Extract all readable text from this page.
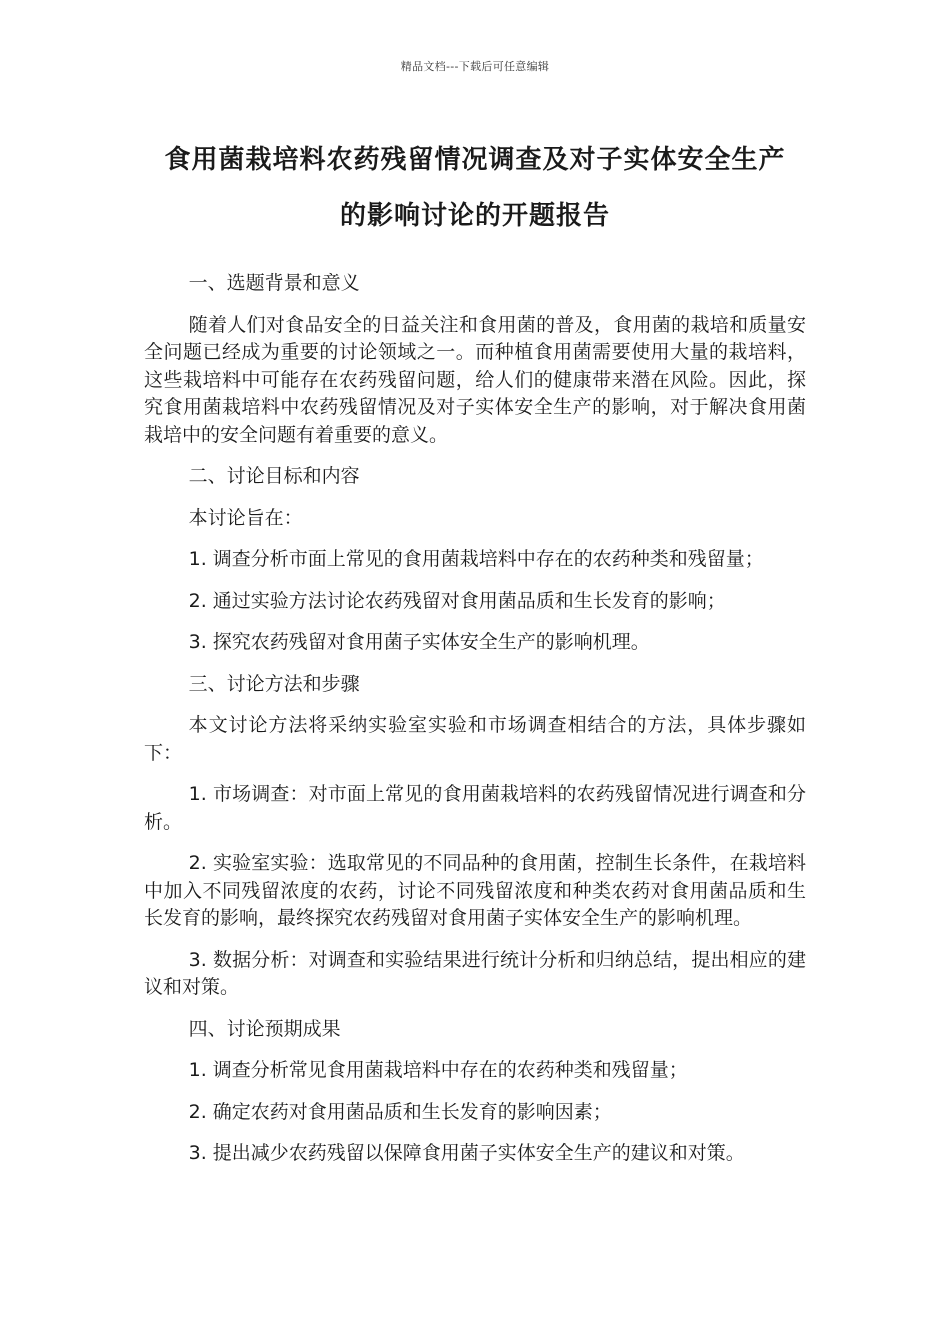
精品文档---下载后可任意编辑
食用菌栽培料农药残留情况调查及对子实体安全生产
的影响讨论的开题报告

一、选题背景和意义

随着人们对食品安全的日益关注和食用菌的普及，食用菌的栽培和质量安全问题已经成为重要的讨论领域之一。而种植食用菌需要使用大量的栽培料，这些栽培料中可能存在农药残留问题，给人们的健康带来潜在风险。因此，探究食用菌栽培料中农药残留情况及对子实体安全生产的影响，对于解决食用菌栽培中的安全问题有着重要的意义。

二、讨论目标和内容

本讨论旨在：

1. 调查分析市面上常见的食用菌栽培料中存在的农药种类和残留量；

2. 通过实验方法讨论农药残留对食用菌品质和生长发育的影响；

3. 探究农药残留对食用菌子实体安全生产的影响机理。

三、讨论方法和步骤

本文讨论方法将采纳实验室实验和市场调查相结合的方法，具体步骤如下：

1. 市场调查：对市面上常见的食用菌栽培料的农药残留情况进行调查和分析。

2. 实验室实验：选取常见的不同品种的食用菌，控制生长条件，在栽培料中加入不同残留浓度的农药，讨论不同残留浓度和种类农药对食用菌品质和生长发育的影响，最终探究农药残留对食用菌子实体安全生产的影响机理。

3. 数据分析：对调查和实验结果进行统计分析和归纳总结，提出相应的建议和对策。

四、讨论预期成果

1. 调查分析常见食用菌栽培料中存在的农药种类和残留量；

2. 确定农药对食用菌品质和生长发育的影响因素；

3. 提出减少农药残留以保障食用菌子实体安全生产的建议和对策。
